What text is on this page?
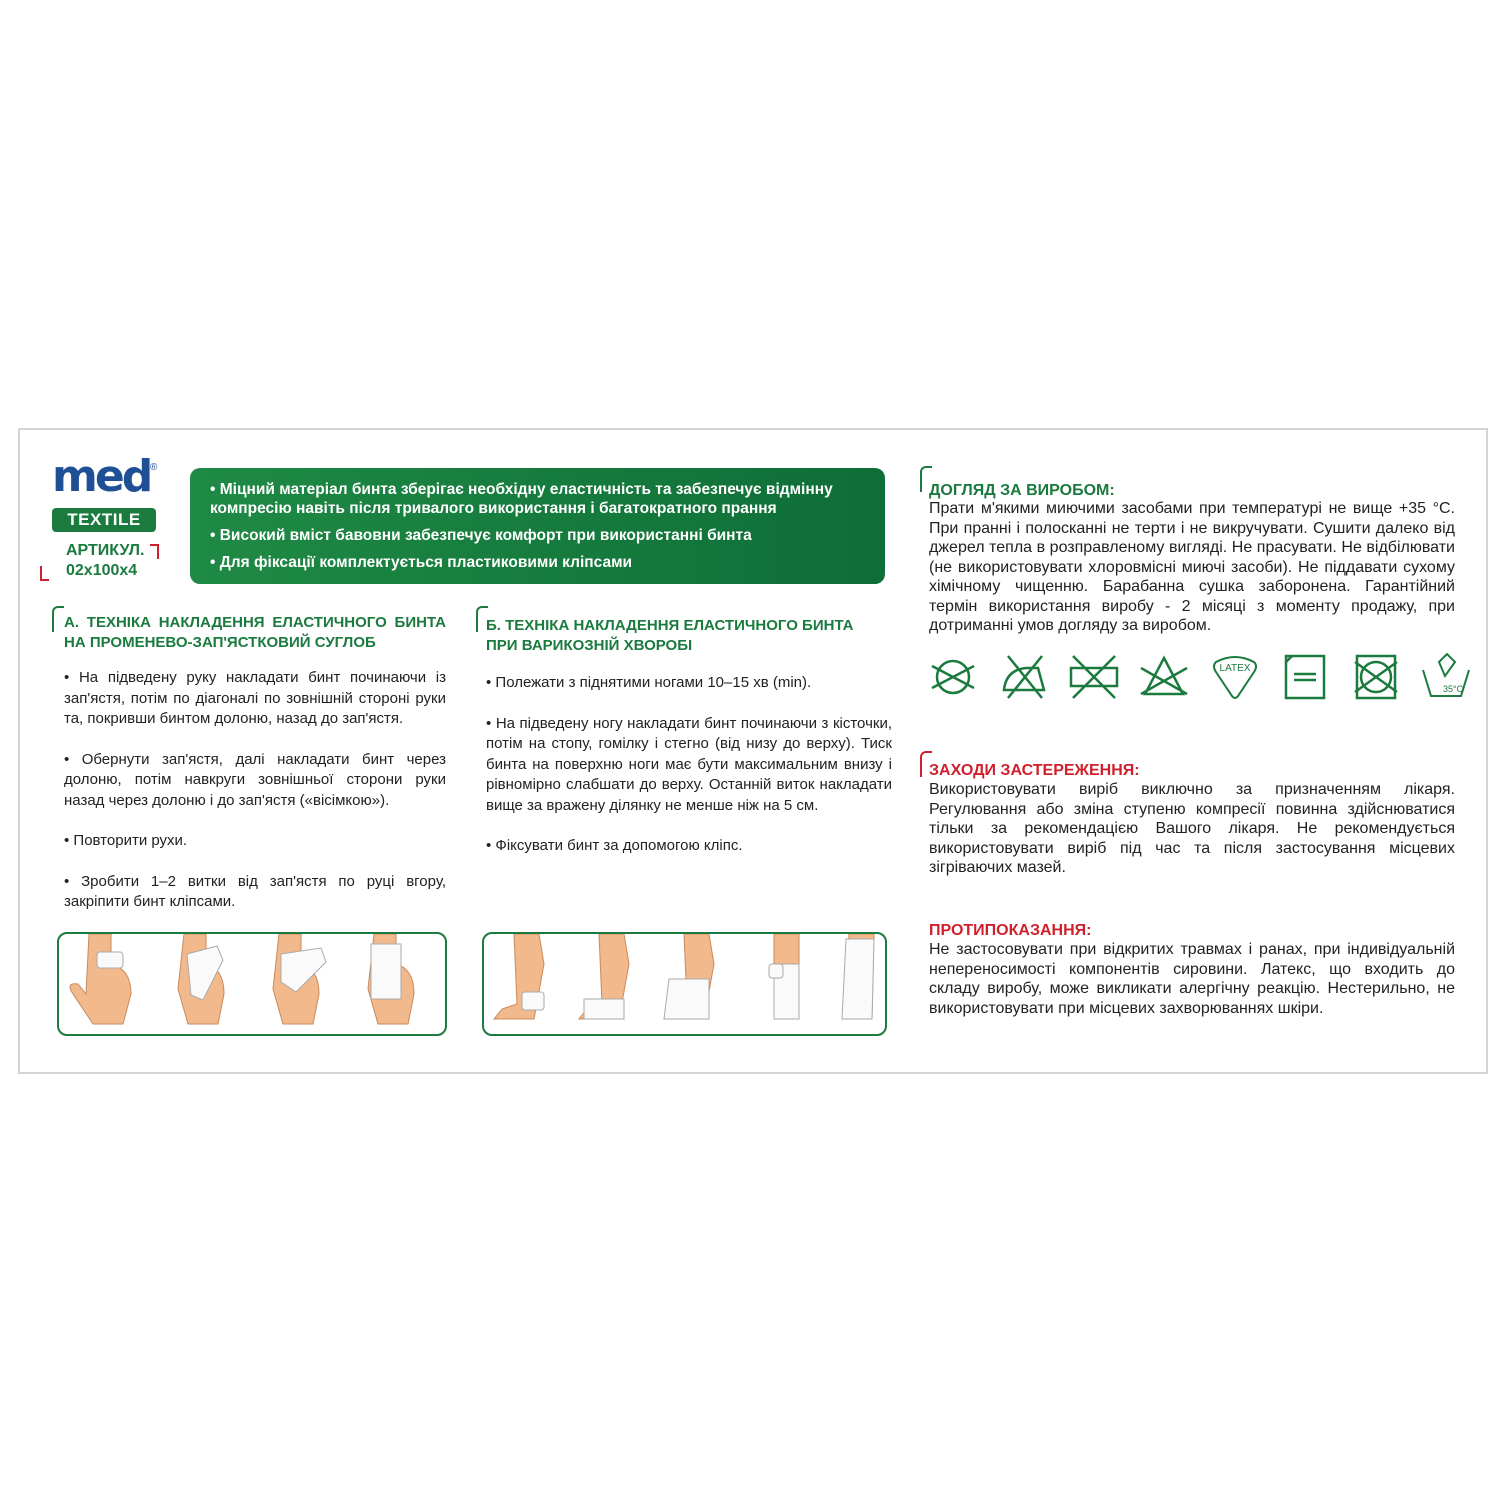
med ®
TEXTILE
АРТИКУЛ.
02x100x4

• Міцний матеріал бинта зберігає необхідну еластичність та забезпечує відмінну компресію навіть після тривалого використання і багатократного прання

• Високий вміст бавовни забезпечує комфорт при використанні бинта

• Для фіксації комплектується пластиковими кліпсами

А. ТЕХНІКА НАКЛАДЕННЯ ЕЛАСТИЧНОГО БИНТА НА ПРОМЕНЕВО-ЗАП'ЯСТКОВИЙ СУГЛОБ

• На підведену руку накладати бинт починаючи із зап'ястя, потім по діагоналі по зовнішній стороні руки та, покривши бинтом долоню, назад до зап'ястя.

• Обернути зап'ястя, далі накладати бинт через долоню, потім навкруги зовнішньої сторони руки назад через долоню і до зап'ястя («вісімкою»).

• Повторити рухи.

• Зробити 1–2 витки від зап'ястя по руці вгору, закріпити бинт кліпсами.

Б. ТЕХНІКА НАКЛАДЕННЯ ЕЛАСТИЧНОГО БИНТА ПРИ ВАРИКОЗНІЙ ХВОРОБІ

• Полежати з піднятими ногами 10–15 хв (min).

• На підведену ногу накладати бинт починаючи з кісточки, потім на стопу, гомілку і стегно (від низу до верху). Тиск бинта на поверхню ноги має бути максимальним внизу і рівномірно слабшати до верху. Останній виток накладати вище за вражену ділянку не менше ніж на 5 см.

• Фіксувати бинт за допомогою кліпс.

ДОГЛЯД ЗА ВИРОБОМ:
Прати м'якими миючими засобами при температурі не вище +35 °С. При пранні і полосканні не терти і не викручувати. Сушити далеко від джерел тепла в розправленому вигляді. Не прасувати. Не відбілювати (не використовувати хлоровмісні миючі засоби). Не піддавати сухому хімічному чищенню. Барабанна сушка заборонена. Гарантійний термін використання виробу - 2 місяці з моменту продажу, при дотриманні умов догляду за виробом.

LATEX

35°C
ЗАХОДИ ЗАСТЕРЕЖЕННЯ:
Використовувати виріб виключно за призначенням лікаря. Регулювання або зміна ступеню компресії повинна здійснюватися тільки за рекомендацією Вашого лікаря. Не рекомендується використовувати виріб під час та після застосування місцевих зігріваючих мазей.
ПРОТИПОКАЗАННЯ:
Не застосовувати при відкритих травмах і ранах, при індивідуальній непереносимості компонентів сировини. Латекс, що входить до складу виробу, може викликати алергічну реакцію. Нестерильно, не використовувати при місцевих захворюваннях шкіри.
